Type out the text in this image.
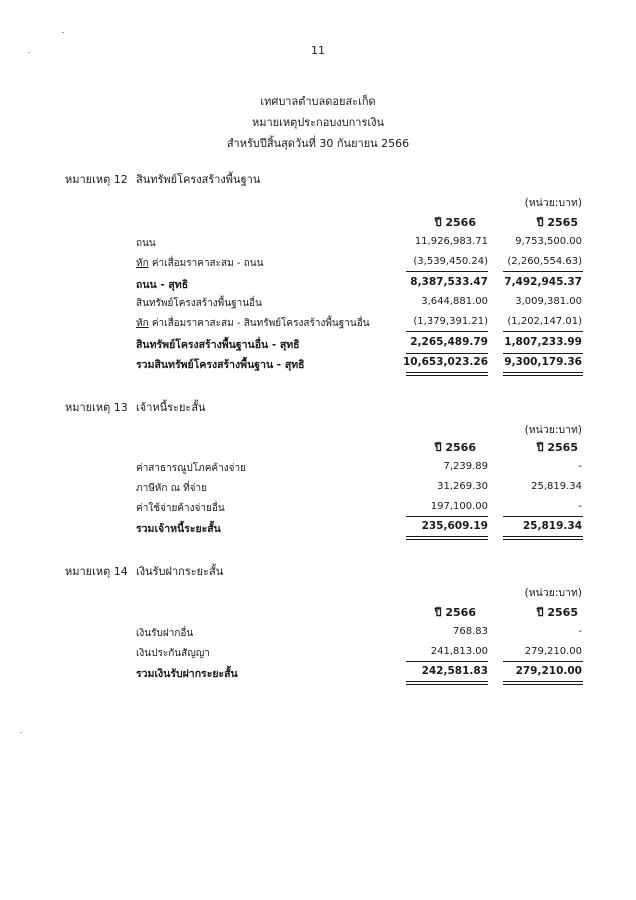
11
เทศบาลตำบลดอยสะเก็ด
หมายเหตุประกอบงบการเงิน
สำหรับปีสิ้นสุดวันที่ 30 กันยายน 2566
หมายเหตุ 12 สินทรัพย์โครงสร้างพื้นฐาน
(หน่วย:บาท)
ปี 2566	ปี 2565
ถนน	11,926,983.71	9,753,500.00
หัก ค่าเสื่อมราคาสะสม - ถนน	(3,539,450.24) (2,260,554.63)
ถนน - สุทธิ	8,387,533.47 7,492,945.37
สินทรัพย์โครงสร้างพื้นฐานอื่น	3,644,881.00	3,009,381.00
หัก ค่าเสื่อมราคาสะสม - สินทรัพย์โครงสร้างพื้นฐานอื่น	(1,379,391.21) (1,202,147.01)
สินทรัพย์โครงสร้างพื้นฐานอื่น - สุทธิ	2,265,489.79 1,807,233.99
รวมสินทรัพย์โครงสร้างพื้นฐาน - สุทธิ	10,653,023.26 9,300,179.36
หมายเหตุ 13 เจ้าหนี้ระยะสั้น
(หน่วย:บาท)
ปี 2566	ปี 2565
ค่าสาธารณูปโภคค้างจ่าย	7,239.89	-
ภาษีหัก ณ ที่จ่าย	31,269.30	25,819.34
ค่าใช้จ่ายค้างจ่ายอื่น	197,100.00	-
รวมเจ้าหนี้ระยะสั้น	235,609.19	25,819.34
หมายเหตุ 14 เงินรับฝากระยะสั้น
(หน่วย:บาท)
ปี 2566	ปี 2565
เงินรับฝากอื่น	768.83	-
เงินประกันสัญญา	241,813.00	279,210.00
รวมเงินรับฝากระยะสั้น	242,581.83	279,210.00
